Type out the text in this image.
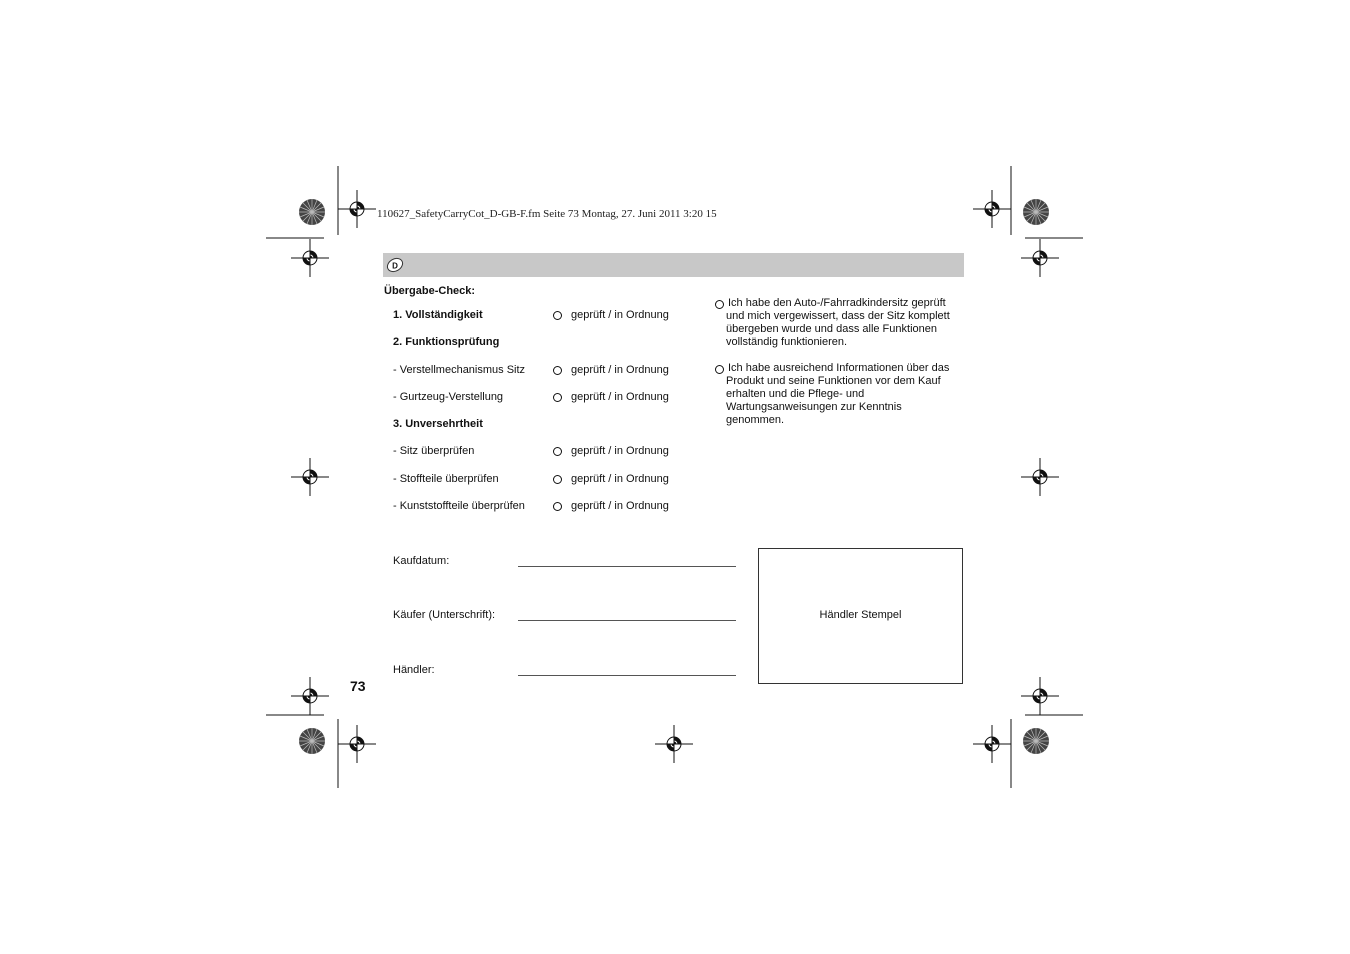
110627_SafetyCarryCot_D-GB-F.fm Seite 73 Montag, 27. Juni 2011 3:20 15
D
Übergabe-Check:
1. Vollständigkeit	geprüft / in Ordnung
2. Funktionsprüfung
- Verstellmechanismus Sitz	geprüft / in Ordnung
- Gurtzeug-Verstellung	geprüft / in Ordnung
3. Unversehrtheit
- Sitz überprüfen	geprüft / in Ordnung
- Stoffteile überprüfen	geprüft / in Ordnung
- Kunststoffteile überprüfen	geprüft / in Ordnung
Ich habe den Auto-/Fahrradkindersitz geprüft
und mich vergewissert, dass der Sitz komplett
übergeben wurde und dass alle Funktionen
vollständig funktionieren.
Ich habe ausreichend Informationen über das
Produkt und seine Funktionen vor dem Kauf
erhalten und die Pflege- und
Wartungsanweisungen zur Kenntnis
genommen.
Kaufdatum:
Käufer (Unterschrift):
Händler:
Händler Stempel
73
